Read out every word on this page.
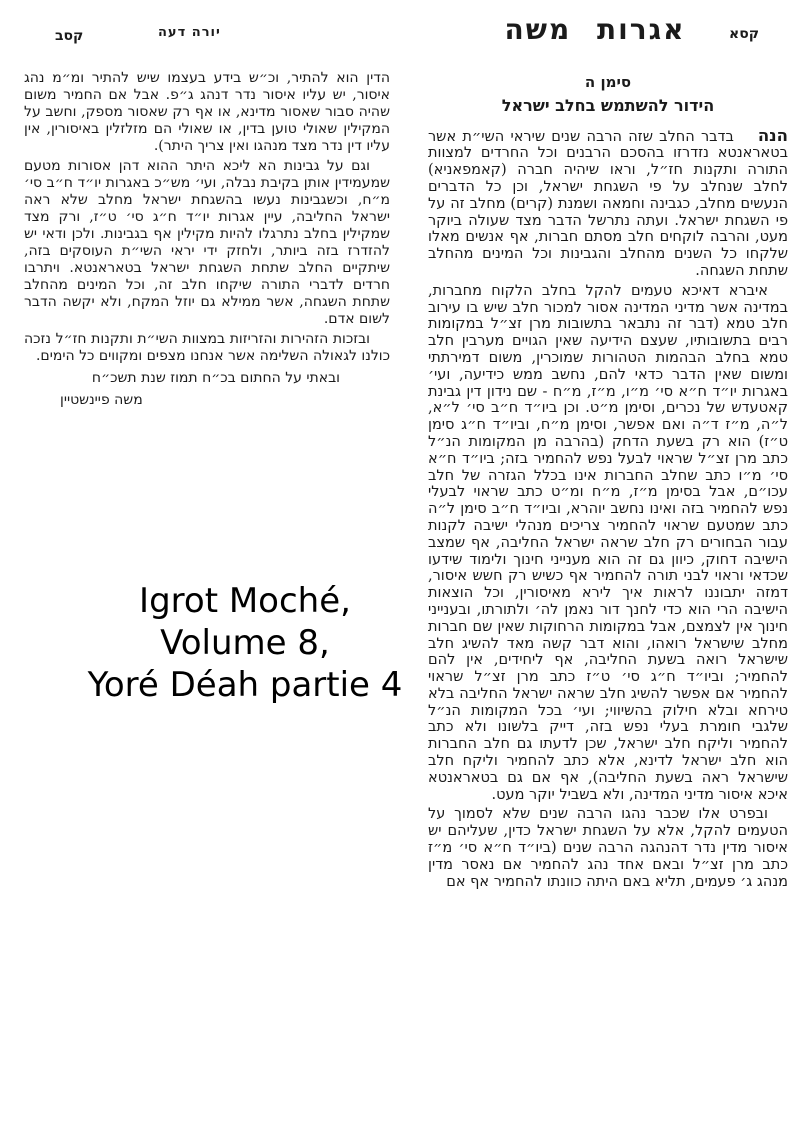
קסא
אגרות משה
יורה דעה
קסב
סימן ה
הידור להשתמש בחלב ישראל

הנהבדבר החלב שזה הרבה שנים שיראי השי״ת אשר בטאראנטא נזדרזו בהסכם הרבנים וכל החרדים למצוות התורה ותקנות חז״ל, וראו שיהיה חברה (קאמפאניא) לחלב שנחלב על פי השגחת ישראל, וכן כל הדברים הנעשים מחלב, כגבינה וחמאה ושמנת (קרים) מחלב זה על פי השגחת ישראל. ועתה נתרשל הדבר מצד שעולה ביוקר מעט, והרבה לוקחים חלב מסתם חברות, אף אנשים מאלו שלקחו כל השנים מהחלב והגבינות וכל המינים מהחלב שתחת השגחה.

איברא דאיכא טעמים להקל בחלב הלקוח מחברות, במדינה אשר מדיני המדינה אסור למכור חלב שיש בו עירוב חלב טמא (דבר זה נתבאר בתשובות מרן זצ״ל במקומות רבים בתשובותיו, שעצם הידיעה שאין הגויים מערבין חלב טמא בחלב הבהמות הטהורות שמוכרין, משום דמירתתי ומשום שאין הדבר כדאי להם, נחשב ממש כידיעה, ועי׳ באגרות יו״ד ח״א סי׳ מ״ו, מ״ז, מ״ח - שם נידון דין גבינת קאטעדש של נכרים, וסימן מ״ט. וכן ביו״ד ח״ב סי׳ ל״א, ל״ה, מ״ז ד״ה ואם אפשר, וסימן מ״ח, וביו״ד ח״ג סימן ט״ז) הוא רק בשעת הדחק (בהרבה מן המקומות הנ״ל כתב מרן זצ״ל שראוי לבעל נפש להחמיר בזה; ביו״ד ח״א סי׳ מ״ו כתב שחלב החברות אינו בכלל הגזרה של חלב עכו״ם, אבל בסימן מ״ז, מ״ח ומ״ט כתב שראוי לבעלי נפש להחמיר בזה ואינו נחשב יוהרא, וביו״ד ח״ב סימן ל״ה כתב שמטעם שראוי להחמיר צריכים מנהלי ישיבה לקנות עבור הבחורים רק חלב שראה ישראל החליבה, אף שמצב הישיבה דחוק, כיוון גם זה הוא מענייני חינוך ולימוד שידעו שכדאי וראוי לבני תורה להחמיר אף כשיש רק חשש איסור, דמזה יתבוננו לראות איך לירא מאיסורין, וכל הוצאות הישיבה הרי הוא כדי לחנך דור נאמן לה׳ ולתורתו, ובענייני חינוך אין לצמצם, אבל במקומות הרחוקות שאין שם חברות מחלב שישראל רואהו, והוא דבר קשה מאד להשיג חלב שישראל רואה בשעת החליבה, אף ליחידים, אין להם להחמיר; וביו״ד ח״ג סי׳ ט״ז כתב מרן זצ״ל שראוי להחמיר אם אפשר להשיג חלב שראה ישראל החליבה בלא טירחא ובלא חילוק בהשיווי; ועי׳ בכל המקומות הנ״ל שלגבי חומרת בעלי נפש בזה, דייק בלשונו ולא כתב להחמיר וליקח חלב ישראל, שכן לדעתו גם חלב החברות הוא חלב ישראל לדינא, אלא כתב להחמיר וליקח חלב שישראל ראה בשעת החליבה), אף אם גם בטאראנטא איכא איסור מדיני המדינה, ולא בשביל יוקר מעט.

ובפרט אלו שכבר נהגו הרבה שנים שלא לסמוך על הטעמים להקל, אלא על השגחת ישראל כדין, שעליהם יש איסור מדין נדר דהנהגה הרבה שנים (ביו״ד ח״א סי׳ מ״ז כתב מרן זצ״ל ובאם אחד נהג להחמיר אם נאסר מדין מנהג ג׳ פעמים, תליא באם היתה כוונתו להחמיר אף אם

הדין הוא להתיר, וכ״ש בידע בעצמו שיש להתיר ומ״מ נהג איסור, יש עליו איסור נדר דנהג ג״פ. אבל אם החמיר משום שהיה סבור שאסור מדינא, או אף רק שאסור מספק, וחשב על המקילין שאולי טוען בדין, או שאולי הם מזלזלין באיסורין, אין עליו דין נדר מצד מנהגו ואין צריך היתר).

וגם על גבינות הא ליכא היתר ההוא דהן אסורות מטעם שמעמידין אותן בקיבת נבלה, ועי׳ מש״כ באגרות יו״ד ח״ב סי׳ מ״ח, וכשגבינות נעשו בהשגחת ישראל מחלב שלא ראה ישראל החליבה, עיין אגרות יו״ד ח״ג סי׳ ט״ז, ורק מצד שמקילין בחלב נתרגלו להיות מקילין אף בגבינות. ולכן ודאי יש להזדרז בזה ביותר, ולחזק ידי יראי השי״ת העוסקים בזה, שיתקיים החלב שתחת השגחת ישראל בטאראנטא. ויתרבו חרדים לדברי התורה שיקחו חלב זה, וכל המינים מהחלב שתחת השגחה, אשר ממילא גם יוזל המקח, ולא יקשה הדבר לשום אדם.

ובזכות הזהירות והזריזות במצוות השי״ת ותקנות חז״ל נזכה כולנו לגאולה השלימה אשר אנחנו מצפים ומקווים כל הימים.

ובאתי על החתום בכ״ח תמוז שנת תשכ״ח

משה פיינשטיין

Igrot Moché,
Volume 8,
Yoré Déah partie 4
